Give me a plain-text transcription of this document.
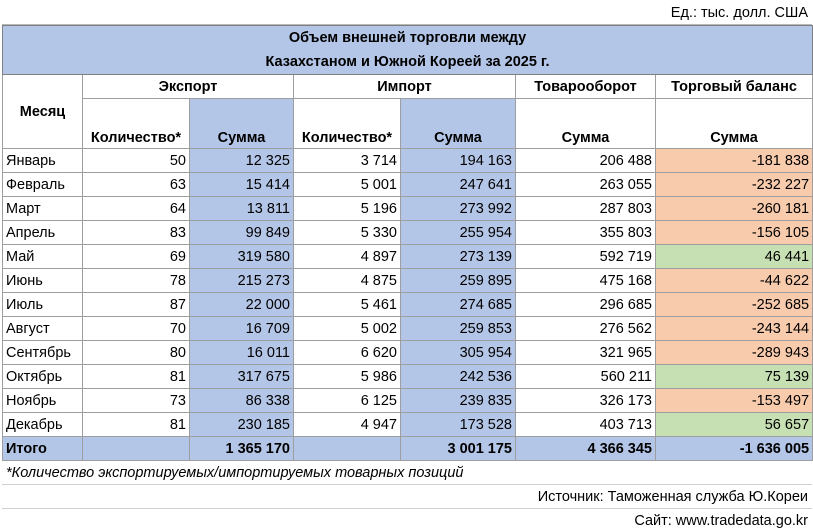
Ед.: тыс. долл. США
Объем внешней торговли между
Казахстаном и Южной Кореей за 2025 г.						

Месяц	Экспорт		Импорт		Товарооборот	Торговый баланс
	Количество*	Сумма	Количество*	Сумма	Сумма	Сумма
Январь	50	12 325	3 714	194 163	206 488	-181 838
Февраль	63	15 414	5 001	247 641	263 055	-232 227
Март	64	13 811	5 196	273 992	287 803	-260 181
Апрель	83	99 849	5 330	255 954	355 803	-156 105
Май	69	319 580	4 897	273 139	592 719	46 441
Июнь	78	215 273	4 875	259 895	475 168	-44 622
Июль	87	22 000	5 461	274 685	296 685	-252 685
Август	70	16 709	5 002	259 853	276 562	-243 144
Сентябрь	80	16 011	6 620	305 954	321 965	-289 943
Октябрь	81	317 675	5 986	242 536	560 211	75 139
Ноябрь	73	86 338	6 125	239 835	326 173	-153 497
Декабрь	81	230 185	4 947	173 528	403 713	56 657
Итого		1 365 170		3 001 175	4 366 345	-1 636 005
*Количество экспортируемых/импортируемых товарных позиций
Источник: Таможенная служба Ю.Кореи
Сайт: www.tradedata.go.kr
